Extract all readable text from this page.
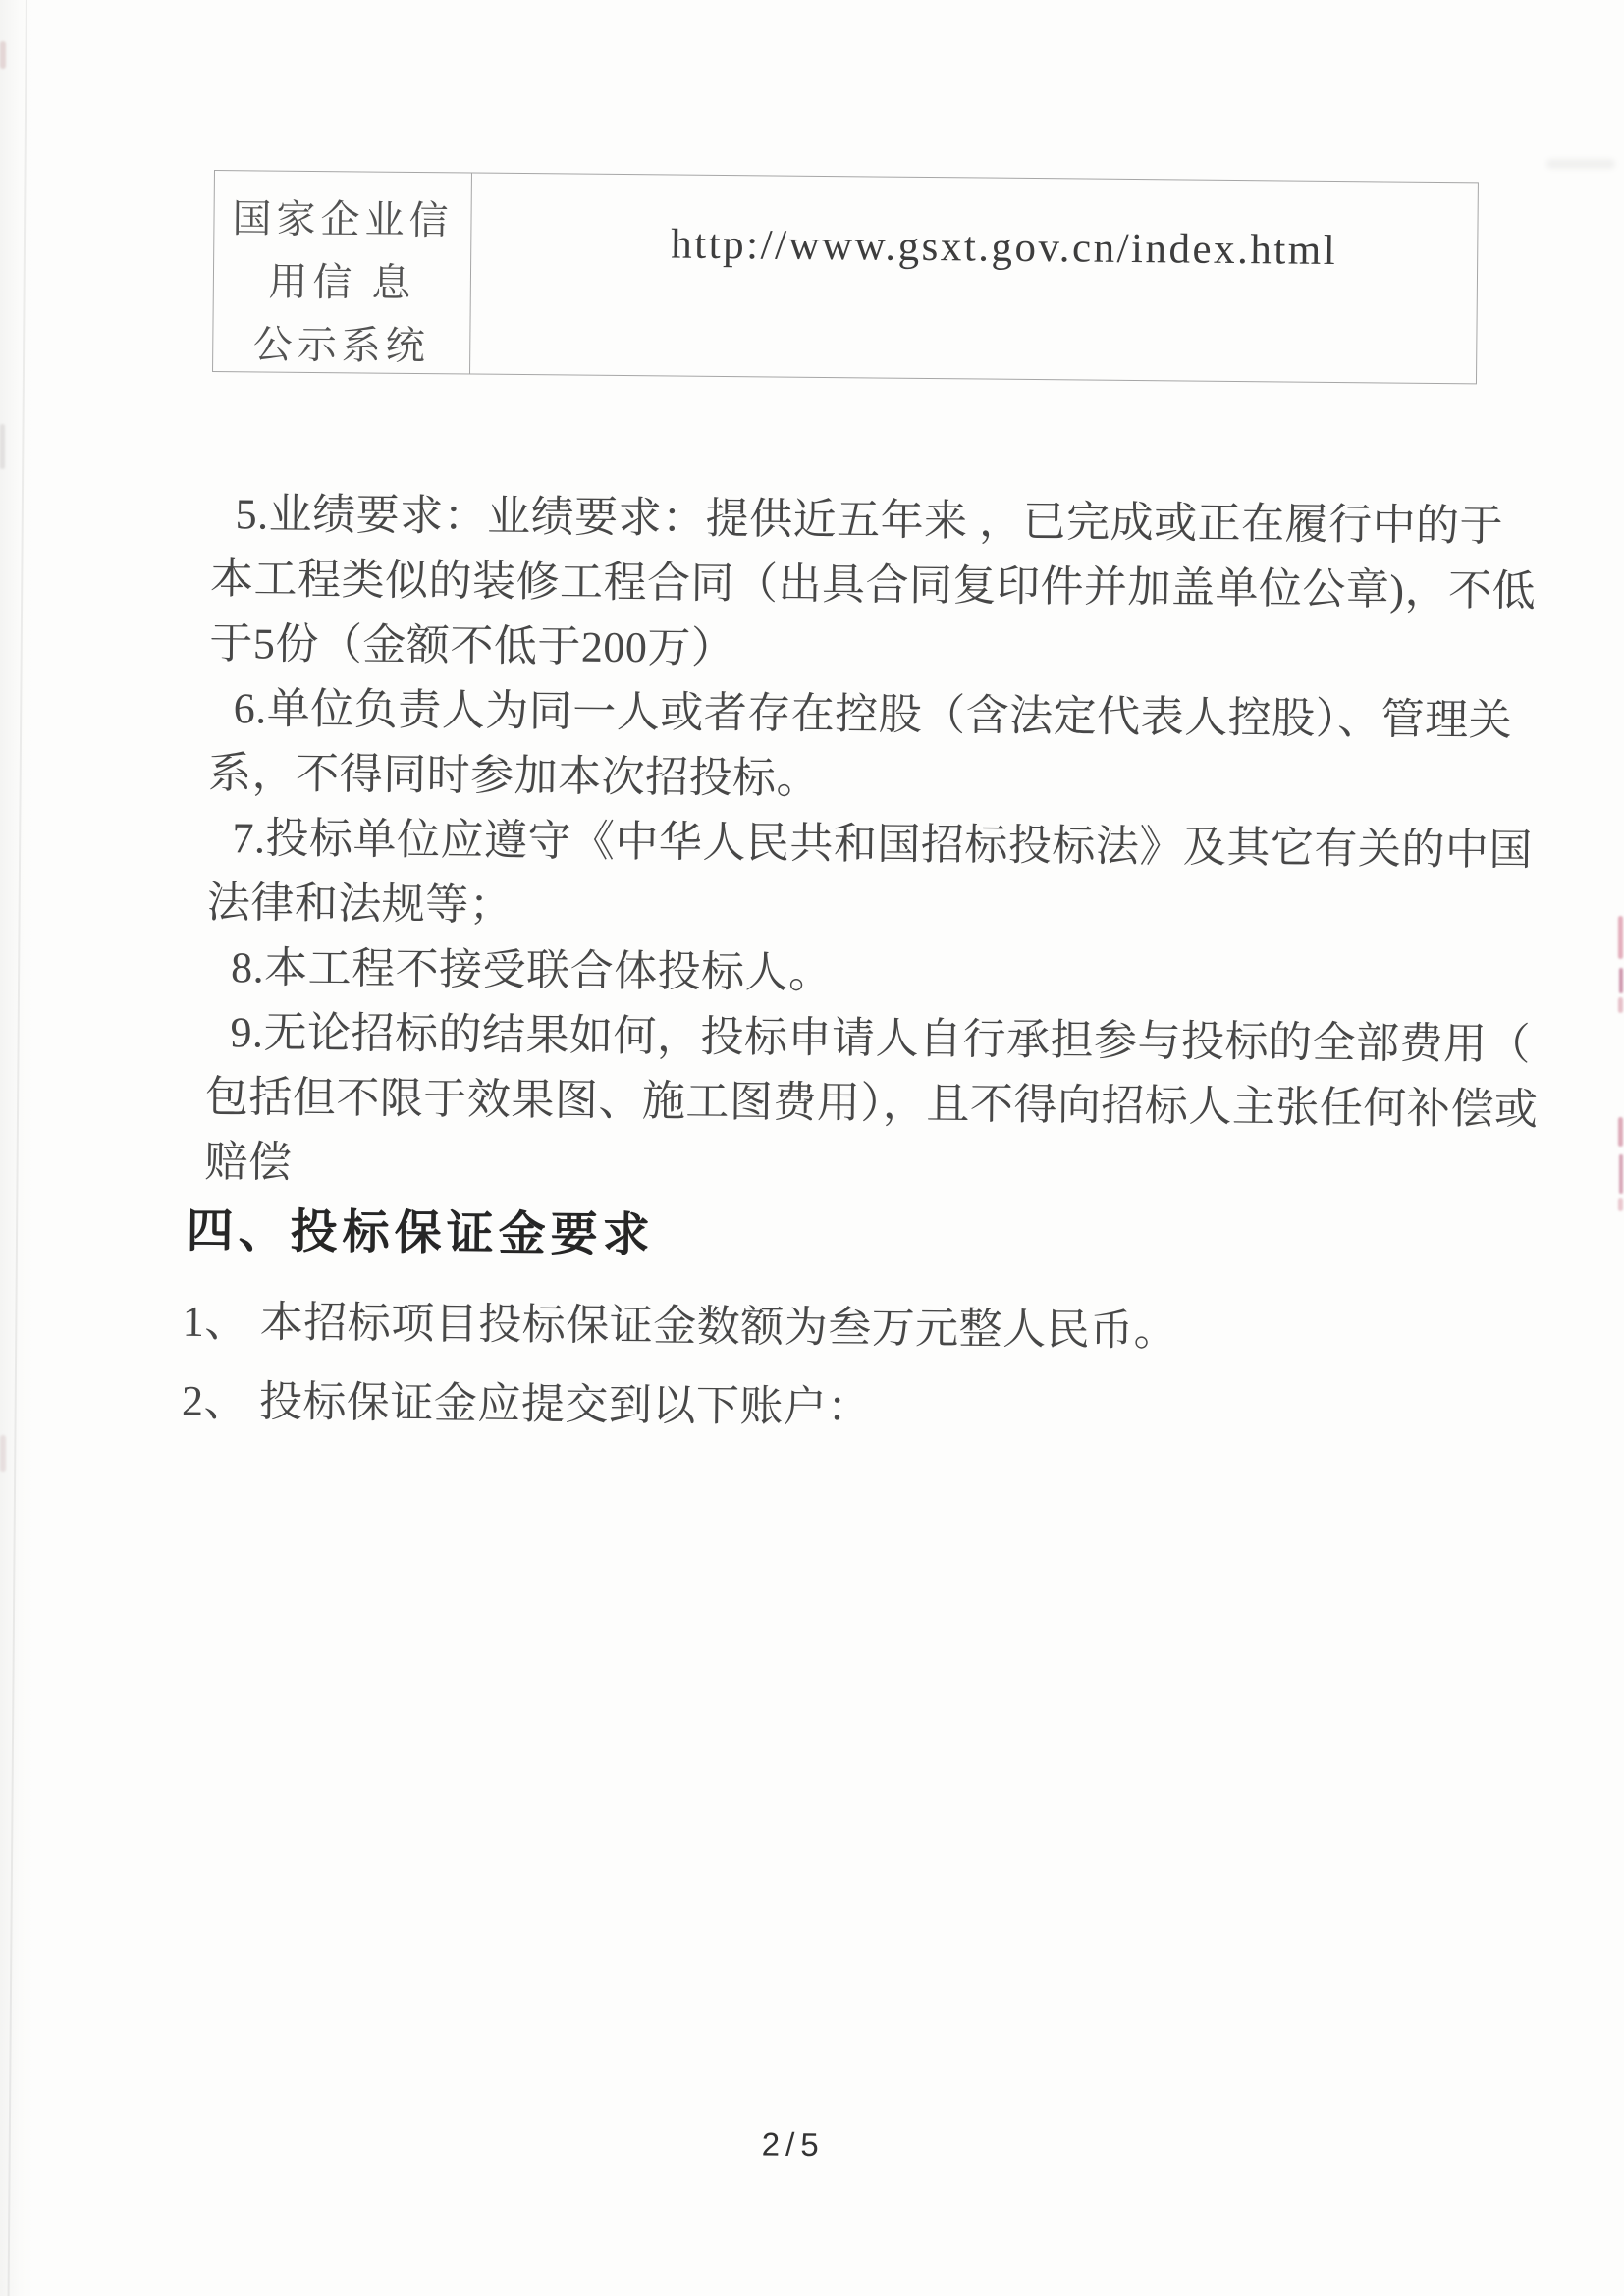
国家企业信
用信 息
公示系统
http://www.gsxt.gov.cn/index.html
5.业绩要求：业绩要求：提供近五年来 ，已完成或正在履行中的于
本工程类似的装修工程合同（出具合同复印件并加盖单位公章)，不低
于5份（金额不低于200万）
6.单位负责人为同一人或者存在控股（含法定代表人控股）、管理关
系，不得同时参加本次招投标。
7.投标单位应遵守《中华人民共和国招标投标法》及其它有关的中国
法律和法规等；
8.本工程不接受联合体投标人。
9.无论招标的结果如何，投标申请人自行承担参与投标的全部费用（
包括但不限于效果图、施工图费用），且不得向招标人主张任何补偿或
赔偿
四、投标保证金要求
1、 本招标项目投标保证金数额为叁万元整人民币。
2、 投标保证金应提交到以下账户：
2/5
